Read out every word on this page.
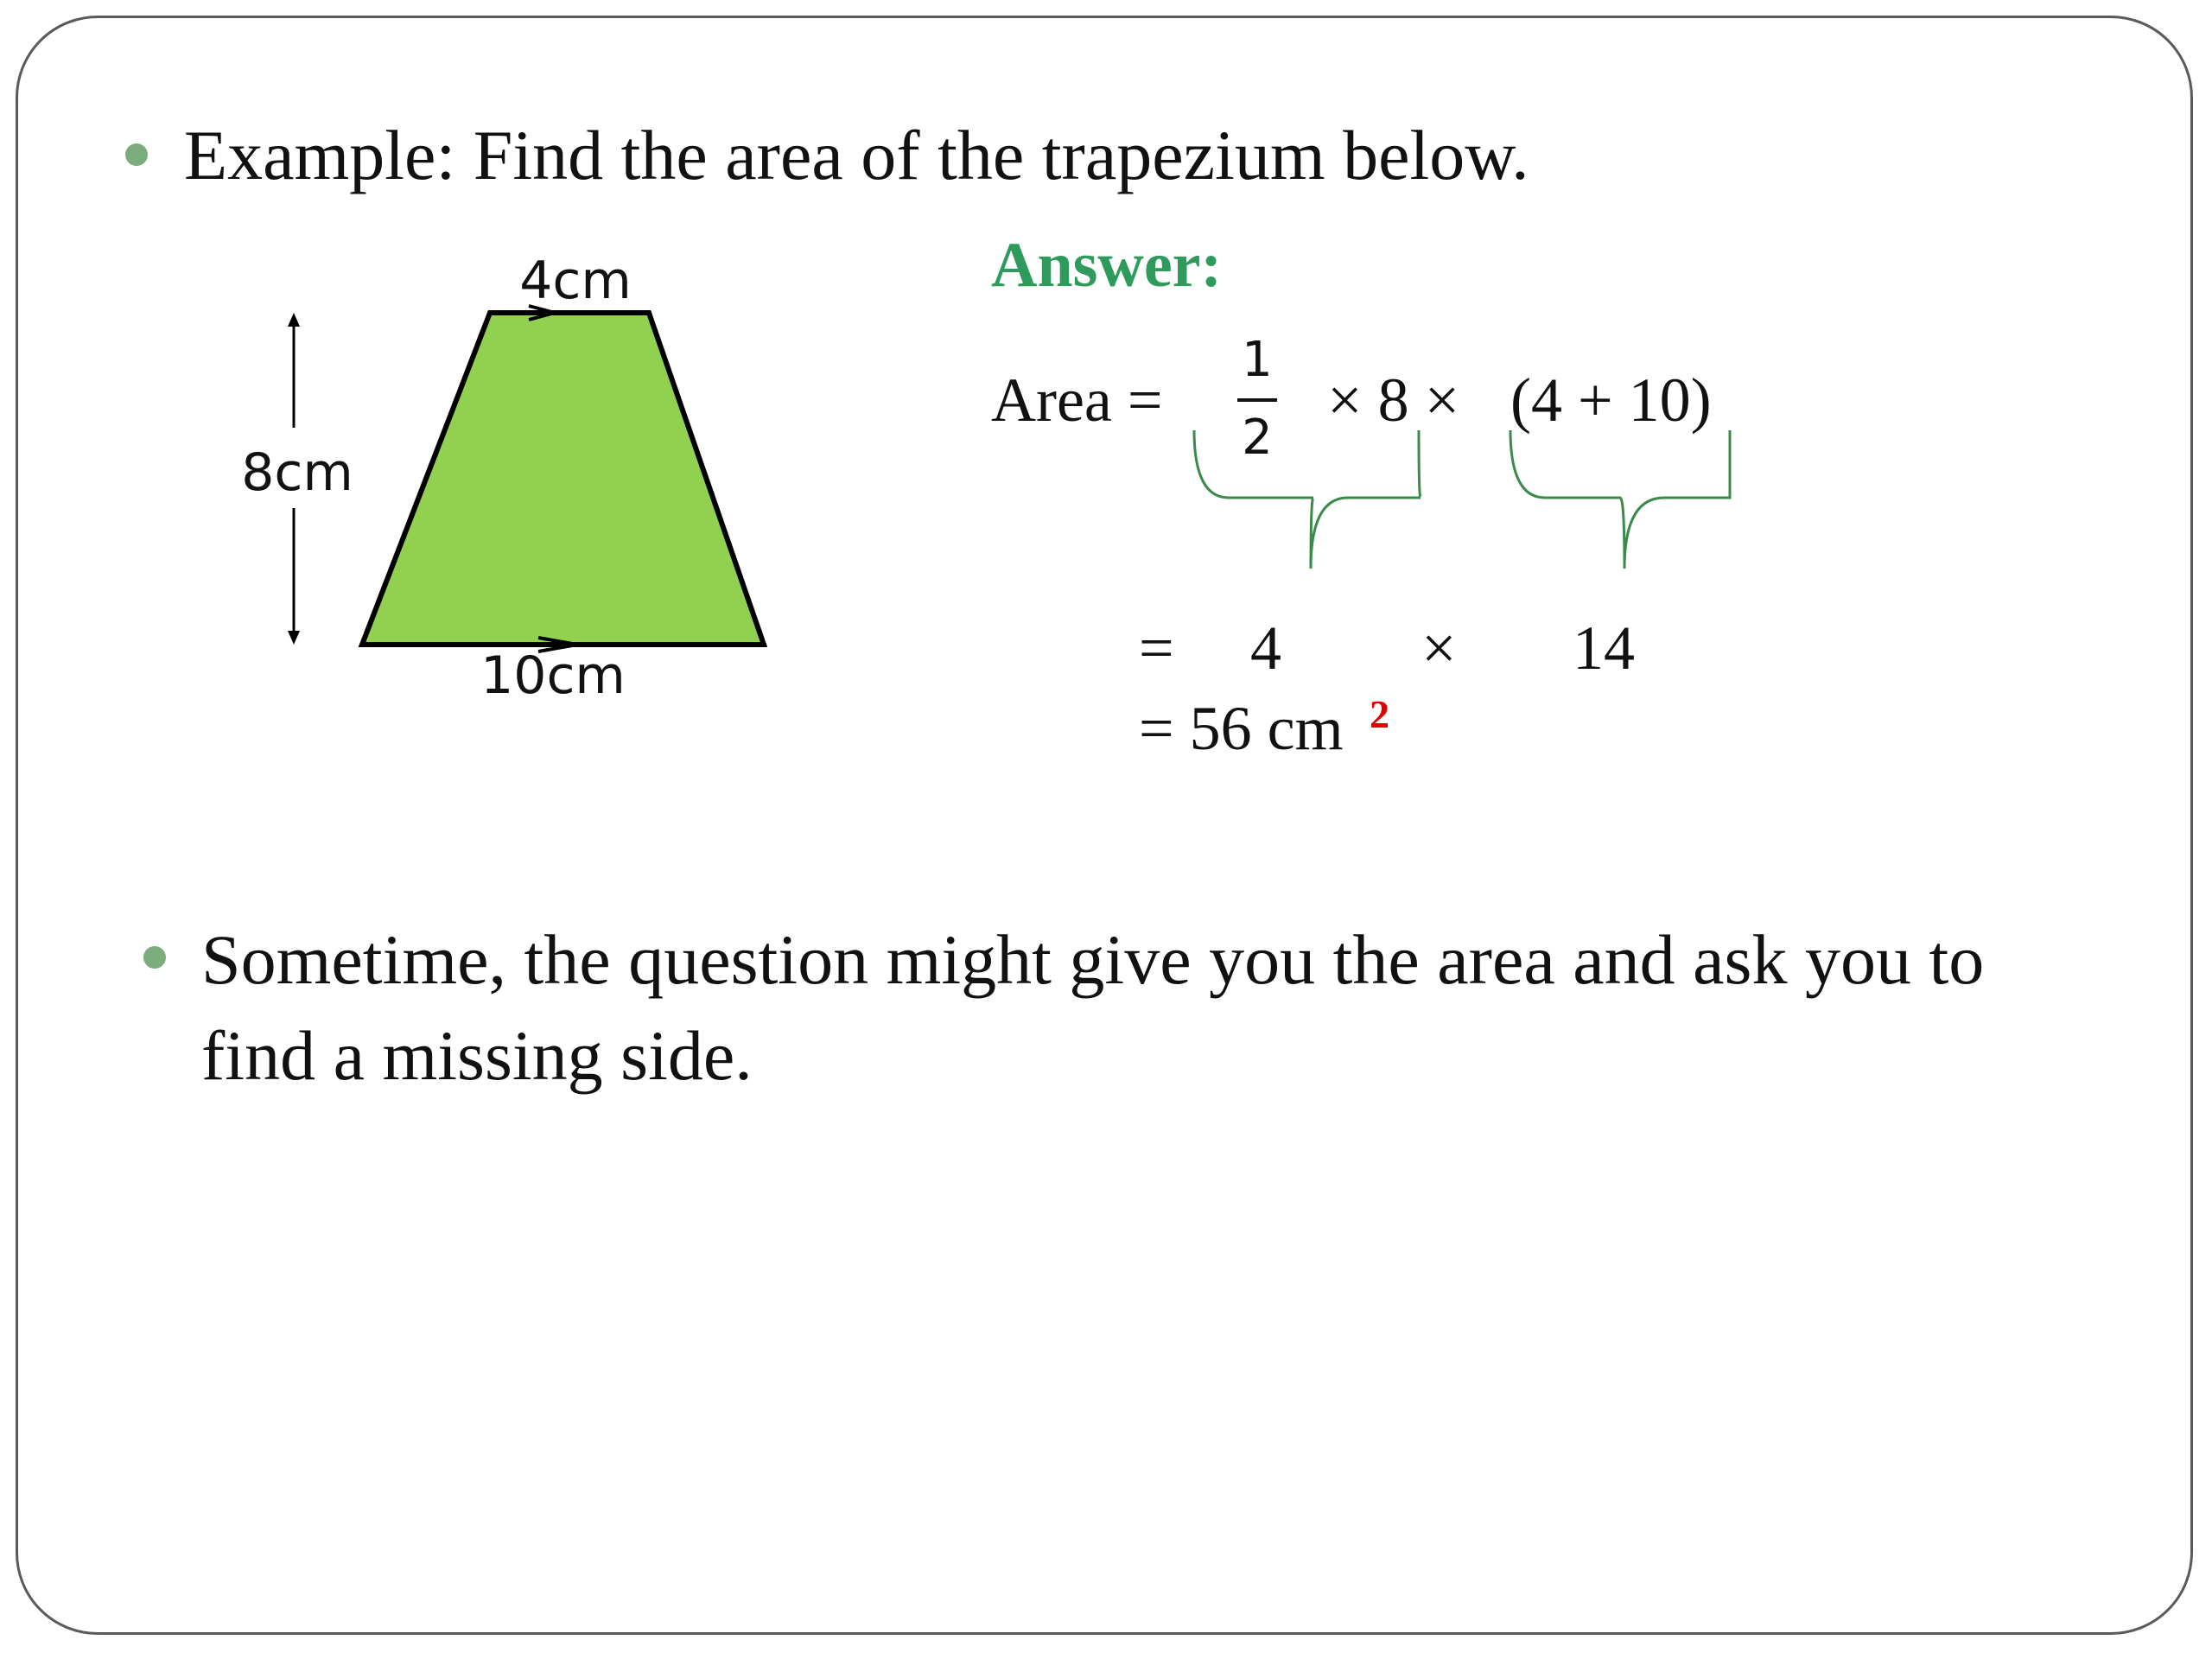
Example: Find the area of the trapezium below.
4cm
8cm
10cm
Answer:
Area =
1
2
× 8 × (4 + 10)
= 4 × 14
= 56 cm 2
Sometime, the question might give you the area and ask you to
find a missing side.
